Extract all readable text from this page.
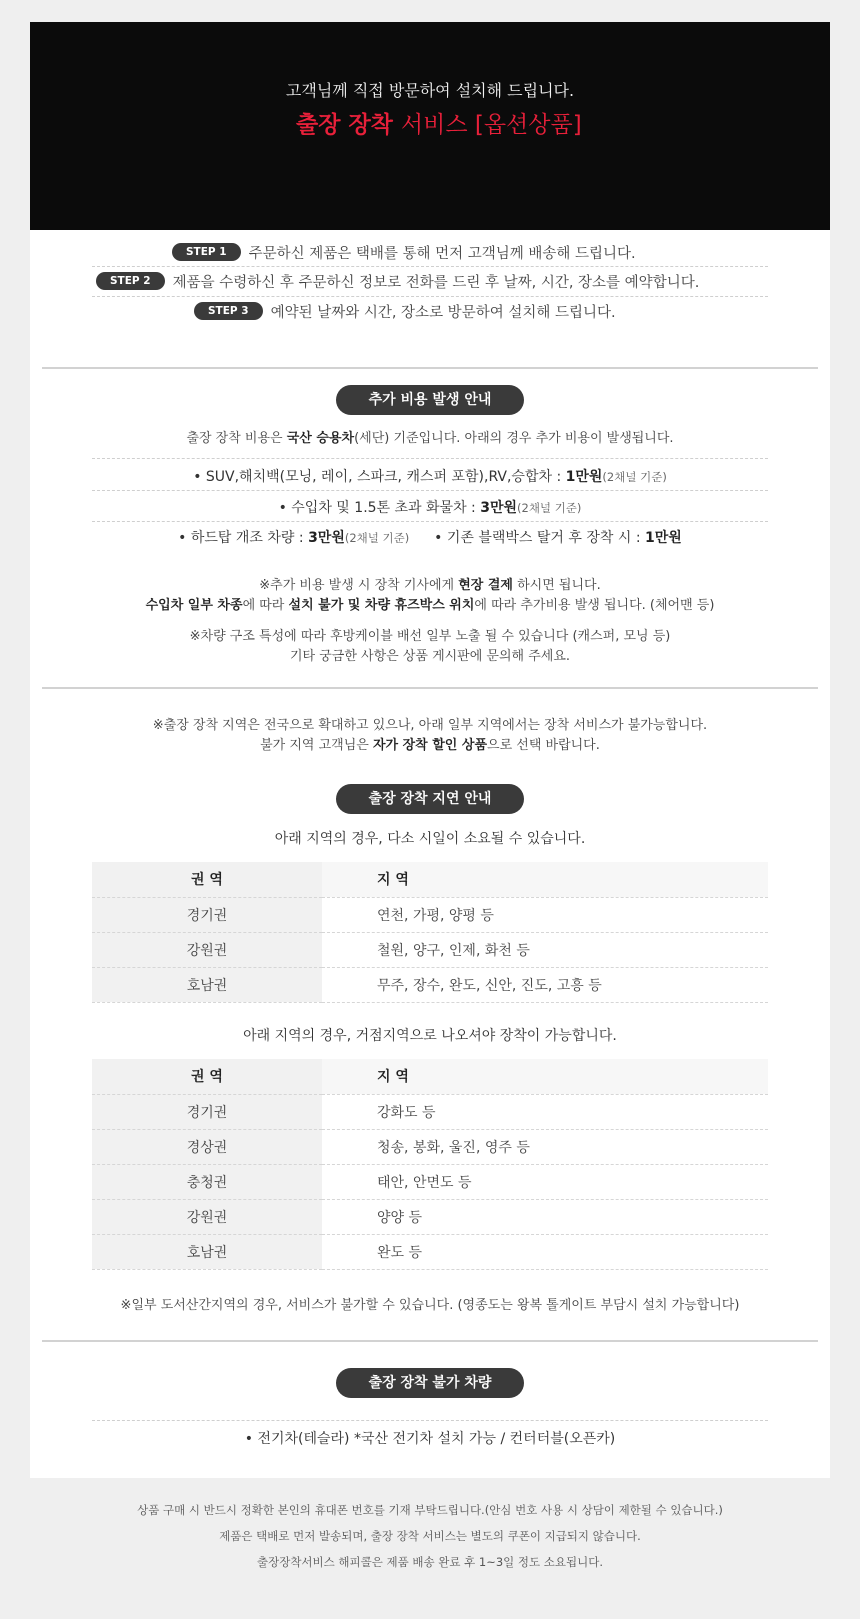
고객님께 직접 방문하여 설치해 드립니다.
출장 장착 서비스 [옵션상품]
STEP 1	주문하신 제품은 택배를 통해 먼저 고객님께 배송해 드립니다.
STEP 2	제품을 수령하신 후 주문하신 정보로 전화를 드린 후 날짜, 시간, 장소를 예약합니다.
STEP 3	예약된 날짜와 시간, 장소로 방문하여 설치해 드립니다.
추가 비용 발생 안내
출장 장착 비용은 국산 승용차(세단) 기준입니다. 아래의 경우 추가 비용이 발생됩니다.
• SUV,해치백(모닝, 레이, 스파크, 캐스퍼 포함),RV,승합차 : 1만원(2채널 기준)
• 수입차 및 1.5톤 초과 화물차 : 3만원(2채널 기준)
• 하드탑 개조 차량 : 3만원(2채널 기준) • 기존 블랙박스 탈거 후 장착 시 : 1만원
※추가 비용 발생 시 장착 기사에게 현장 결제 하시면 됩니다.
수입차 일부 차종에 따라 설치 불가 및 차량 휴즈박스 위치에 따라 추가비용 발생 됩니다. (체어맨 등)
※차량 구조 특성에 따라 후방케이블 배선 일부 노출 될 수 있습니다 (캐스퍼, 모닝 등)
기타 궁금한 사항은 상품 게시판에 문의해 주세요.
※출장 장착 지역은 전국으로 확대하고 있으나, 아래 일부 지역에서는 장착 서비스가 불가능합니다.
불가 지역 고객님은 자가 장착 할인 상품으로 선택 바랍니다.
출장 장착 지연 안내
아래 지역의 경우, 다소 시일이 소요될 수 있습니다.
권 역	지 역
경기권	연천, 가평, 양평 등
강원권	철원, 양구, 인제, 화천 등
호남권	무주, 장수, 완도, 신안, 진도, 고흥 등
아래 지역의 경우, 거점지역으로 나오셔야 장착이 가능합니다.
권 역	지 역
경기권	강화도 등
경상권	청송, 봉화, 울진, 영주 등
충청권	태안, 안면도 등
강원권	양양 등
호남권	완도 등
※일부 도서산간지역의 경우, 서비스가 불가할 수 있습니다. (영종도는 왕복 톨게이트 부담시 설치 가능합니다)
출장 장착 불가 차량
• 전기차(테슬라) *국산 전기차 설치 가능 / 컨터터블(오픈카)
상품 구매 시 반드시 정확한 본인의 휴대폰 번호를 기재 부탁드립니다.(안심 번호 사용 시 상담이 제한될 수 있습니다.)
제품은 택배로 먼저 발송되며, 출장 장착 서비스는 별도의 쿠폰이 지급되지 않습니다.
출장장착서비스 해피콜은 제품 배송 완료 후 1~3일 정도 소요됩니다.
